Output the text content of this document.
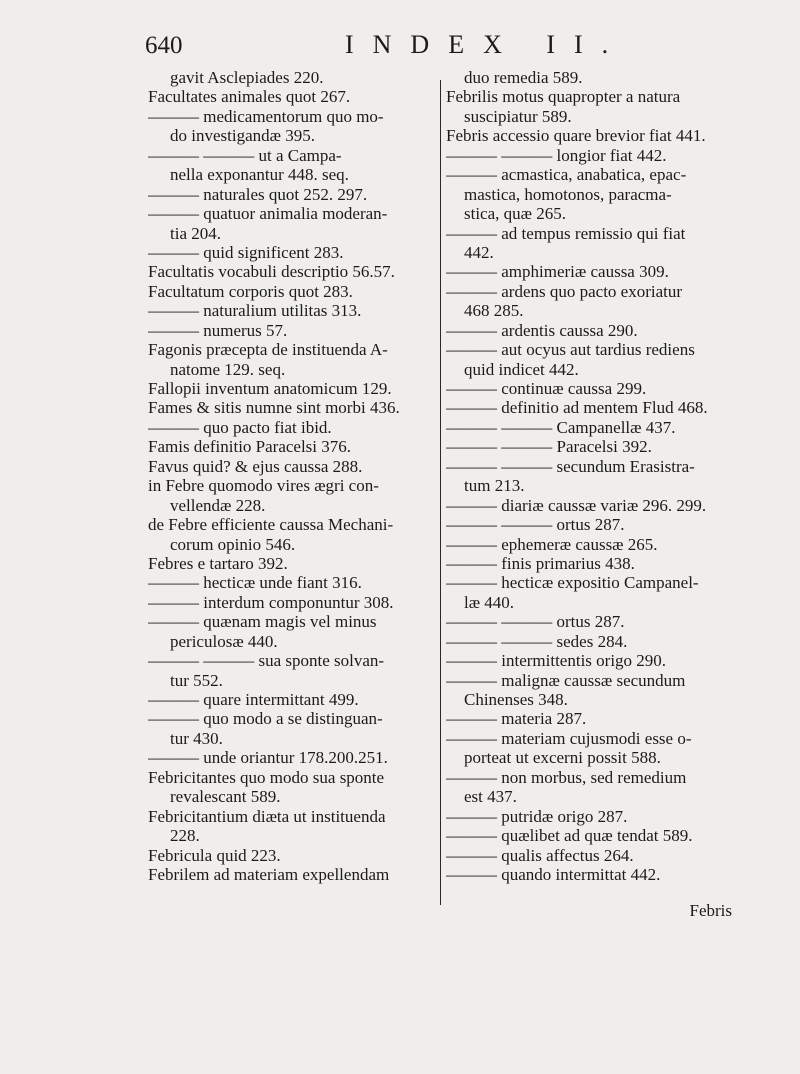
640	INDEX II.
gavit Asclepiades 220.
Facultates animales quot 267.
——— medicamentorum quo mo-
do investigandæ 395.
——— ——— ut a Campa-
nella exponantur 448. seq.
——— naturales quot 252. 297.
——— quatuor animalia moderan-
tia 204.
——— quid significent 283.
Facultatis vocabuli descriptio 56.57.
Facultatum corporis quot 283.
——— naturalium utilitas 313.
——— numerus 57.
Fagonis præcepta de instituenda A-
natome 129. seq.
Fallopii inventum anatomicum 129.
Fames & sitis numne sint morbi 436.
——— quo pacto fiat ibid.
Famis definitio Paracelsi 376.
Favus quid? & ejus caussa 288.
in Febre quomodo vires ægri con-
vellendæ 228.
de Febre efficiente caussa Mechani-
corum opinio 546.
Febres e tartaro 392.
——— hecticæ unde fiant 316.
——— interdum componuntur 308.
——— quænam magis vel minus
periculosæ 440.
——— ——— sua sponte solvan-
tur 552.
——— quare intermittant 499.
——— quo modo a se distinguan-
tur 430.
——— unde oriantur 178.200.251.
Febricitantes quo modo sua sponte
revalescant 589.
Febricitantium diæta ut instituenda
228.
Febricula quid 223.
Febrilem ad materiam expellendam
duo remedia 589.
Febrilis motus quapropter a natura
suscipiatur 589.
Febris accessio quare brevior fiat 441.
——— ——— longior fiat 442.
——— acmastica, anabatica, epac-
mastica, homotonos, paracma-
stica, quæ 265.
——— ad tempus remissio qui fiat
442.
——— amphimeriæ caussa 309.
——— ardens quo pacto exoriatur
468 285.
——— ardentis caussa 290.
——— aut ocyus aut tardius rediens
quid indicet 442.
——— continuæ caussa 299.
——— definitio ad mentem Flud 468.
——— ——— Campanellæ 437.
——— ——— Paracelsi 392.
——— ——— secundum Erasistra-
tum 213.
——— diariæ caussæ variæ 296. 299.
——— ——— ortus 287.
——— ephemeræ caussæ 265.
——— finis primarius 438.
——— hecticæ expositio Campanel-
læ 440.
——— ——— ortus 287.
——— ——— sedes 284.
——— intermittentis origo 290.
——— malignæ caussæ secundum
Chinenses 348.
——— materia 287.
——— materiam cujusmodi esse o-
porteat ut excerni possit 588.
——— non morbus, sed remedium
est 437.
——— putridæ origo 287.
——— quælibet ad quæ tendat 589.
——— qualis affectus 264.
——— quando intermittat 442.
Febris
